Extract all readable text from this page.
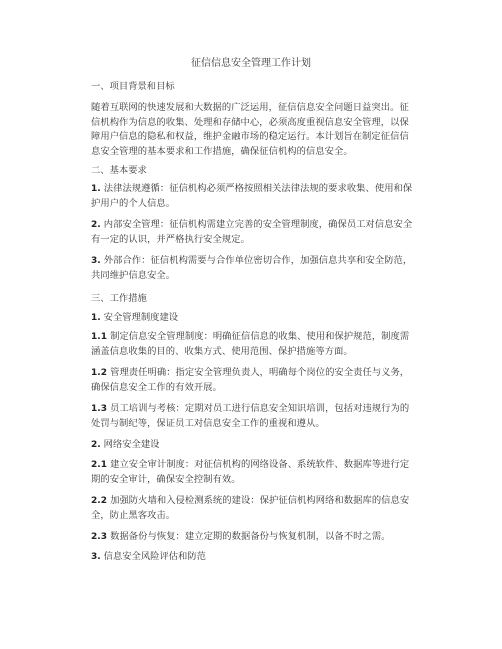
征信信息安全管理工作计划
一、项目背景和目标
随着互联网的快速发展和大数据的广泛运用，征信信息安全问题日益突出。征信机构作为信息的收集、处理和存储中心，必须高度重视信息安全管理，以保障用户信息的隐私和权益，维护金融市场的稳定运行。本计划旨在制定征信信息安全管理的基本要求和工作措施，确保征信机构的信息安全。
二、基本要求
1. 法律法规遵循：征信机构必须严格按照相关法律法规的要求收集、使用和保护用户的个人信息。
2. 内部安全管理：征信机构需建立完善的安全管理制度，确保员工对信息安全有一定的认识，并严格执行安全规定。
3. 外部合作：征信机构需要与合作单位密切合作，加强信息共享和安全防范，共同维护信息安全。
三、工作措施
1. 安全管理制度建设
1.1 制定信息安全管理制度：明确征信信息的收集、使用和保护规范，制度需涵盖信息收集的目的、收集方式、使用范围、保护措施等方面。
1.2 管理责任明确：指定安全管理负责人，明确每个岗位的安全责任与义务，确保信息安全工作的有效开展。
1.3 员工培训与考核：定期对员工进行信息安全知识培训，包括对违规行为的处罚与制纪等，保证员工对信息安全工作的重视和遵从。
2. 网络安全建设
2.1 建立安全审计制度：对征信机构的网络设备、系统软件、数据库等进行定期的安全审计，确保安全控制有效。
2.2 加强防火墙和入侵检测系统的建设：保护征信机构网络和数据库的信息安全，防止黑客攻击。
2.3 数据备份与恢复：建立定期的数据备份与恢复机制，以备不时之需。
3. 信息安全风险评估和防范
